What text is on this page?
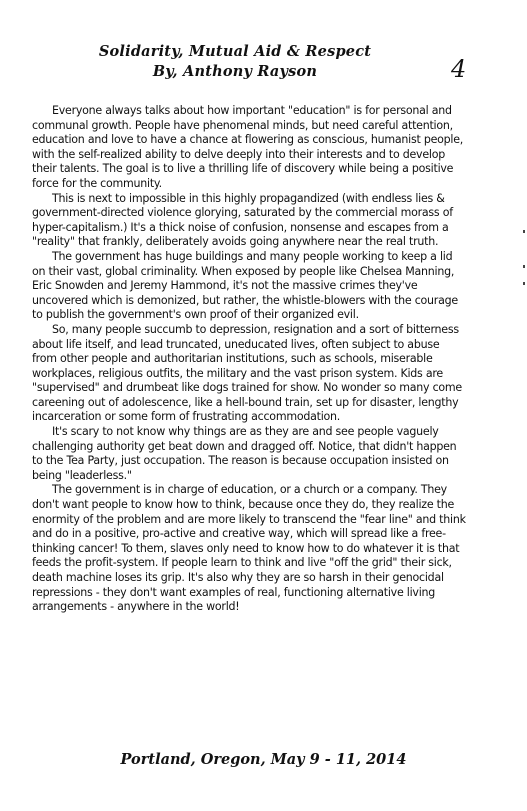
Solidarity, Mutual Aid & Respect
By, Anthony Rayson	4

Everyone always talks about how important "education" is for personal and communal growth. People have phenomenal minds, but need careful attention, education and love to have a chance at flowering as conscious, humanist people, with the self-realized ability to delve deeply into their interests and to develop their talents. The goal is to live a thrilling life of discovery while being a positive force for the community.

This is next to impossible in this highly propagandized (with endless lies & government-directed violence glorying, saturated by the commercial morass of hyper-capitalism.) It's a thick noise of confusion, nonsense and escapes from a "reality" that frankly, deliberately avoids going anywhere near the real truth.

The government has huge buildings and many people working to keep a lid on their vast, global criminality. When exposed by people like Chelsea Manning, Eric Snowden and Jeremy Hammond, it's not the massive crimes they've uncovered which is demonized, but rather, the whistle-blowers with the courage to publish the government's own proof of their organized evil.

So, many people succumb to depression, resignation and a sort of bitterness about life itself, and lead truncated, uneducated lives, often subject to abuse from other people and authoritarian institutions, such as schools, miserable workplaces, religious outfits, the military and the vast prison system. Kids are "supervised" and drumbeat like dogs trained for show. No wonder so many come careening out of adolescence, like a hell-bound train, set up for disaster, lengthy incarceration or some form of frustrating accommodation.

It's scary to not know why things are as they are and see people vaguely challenging authority get beat down and dragged off. Notice, that didn't happen to the Tea Party, just occupation. The reason is because occupation insisted on being "leaderless."

The government is in charge of education, or a church or a company. They don't want people to know how to think, because once they do, they realize the enormity of the problem and are more likely to transcend the "fear line" and think and do in a positive, pro-active and creative way, which will spread like a free-thinking cancer! To them, slaves only need to know how to do whatever it is that feeds the profit-system. If people learn to think and live "off the grid" their sick, death machine loses its grip. It's also why they are so harsh in their genocidal repressions - they don't want examples of real, functioning alternative living arrangements - anywhere in the world!

Portland, Oregon, May 9 - 11, 2014
